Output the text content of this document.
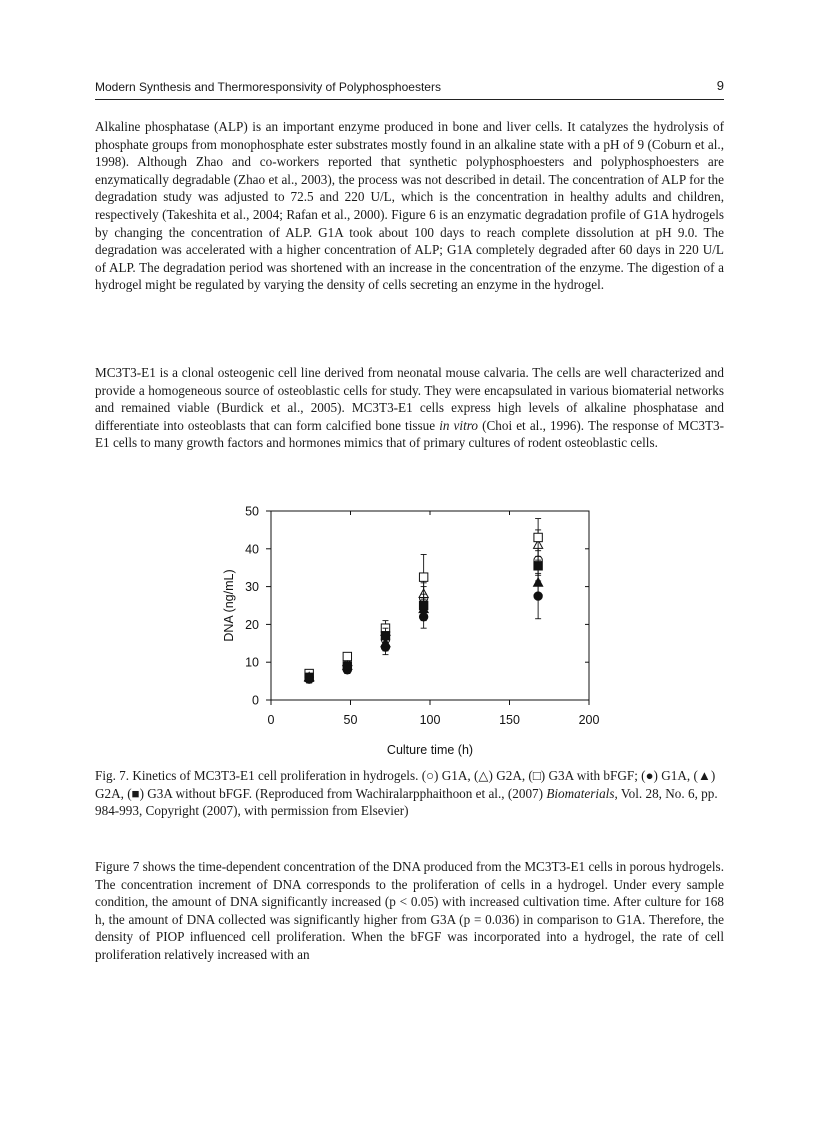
Modern Synthesis and Thermoresponsivity of Polyphosphoesters	9

Alkaline phosphatase (ALP) is an important enzyme produced in bone and liver cells. It catalyzes the hydrolysis of phosphate groups from monophosphate ester substrates mostly found in an alkaline state with a pH of 9 (Coburn et al., 1998). Although Zhao and co-workers reported that synthetic polyphosphoesters and polyphosphoesters are enzymatically degradable (Zhao et al., 2003), the process was not described in detail. The concentration of ALP for the degradation study was adjusted to 72.5 and 220 U/L, which is the concentration in healthy adults and children, respectively (Takeshita et al., 2004; Rafan et al., 2000). Figure 6 is an enzymatic degradation profile of G1A hydrogels by changing the concentration of ALP. G1A took about 100 days to reach complete dissolution at pH 9.0. The degradation was accelerated with a higher concentration of ALP; G1A completely degraded after 60 days in 220 U/L of ALP. The degradation period was shortened with an increase in the concentration of the enzyme. The digestion of a hydrogel might be regulated by varying the density of cells secreting an enzyme in the hydrogel.

MC3T3-E1 is a clonal osteogenic cell line derived from neonatal mouse calvaria. The cells are well characterized and provide a homogeneous source of osteoblastic cells for study. They were encapsulated in various biomaterial networks and remained viable (Burdick et al., 2005). MC3T3-E1 cells express high levels of alkaline phosphatase and differentiate into osteoblasts that can form calcified bone tissue in vitro (Choi et al., 1996). The response of MC3T3-E1 cells to many growth factors and hormones mimics that of primary cultures of rodent osteoblastic cells.

0
10
20
30
40
50
0	50	100	150	200
Culture time (h)
DNA (ng/mL)

Fig. 7. Kinetics of MC3T3-E1 cell proliferation in hydrogels. (○) G1A, (△) G2A, (□) G3A with bFGF; (●) G1A, (▲) G2A, (■) G3A without bFGF. (Reproduced from Wachiralarpphaithoon et al., (2007) Biomaterials, Vol. 28, No. 6, pp. 984-993, Copyright (2007), with permission from Elsevier)

Figure 7 shows the time-dependent concentration of the DNA produced from the MC3T3-E1 cells in porous hydrogels. The concentration increment of DNA corresponds to the proliferation of cells in a hydrogel. Under every sample condition, the amount of DNA significantly increased (p < 0.05) with increased cultivation time. After culture for 168 h, the amount of DNA collected was significantly higher from G3A (p = 0.036) in comparison to G1A. Therefore, the density of PIOP influenced cell proliferation. When the bFGF was incorporated into a hydrogel, the rate of cell proliferation relatively increased with an
